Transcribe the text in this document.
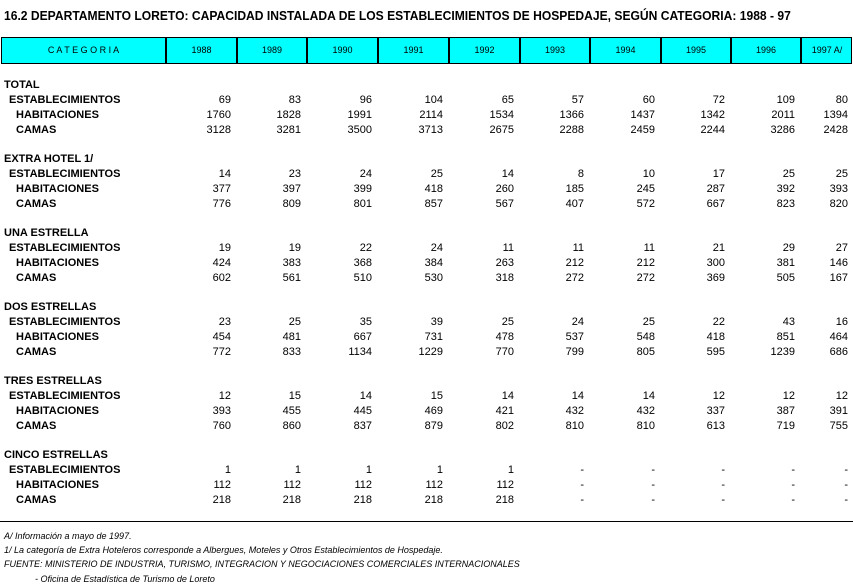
16.2 DEPARTAMENTO LORETO: CAPACIDAD INSTALADA DE LOS ESTABLECIMIENTOS DE HOSPEDAJE, SEGÚN CATEGORIA: 1988 - 97
C A T E G O R I A	1988	1989	1990	1991	1992	1993	1994	1995	1996	1997 A/
TOTAL
ESTABLECIMIENTOS	69	83	96	104	65	57	60	72	109	80
HABITACIONES	1760	1828	1991	2114	1534	1366	1437	1342	2011	1394
CAMAS	3128	3281	3500	3713	2675	2288	2459	2244	3286	2428
EXTRA HOTEL 1/
ESTABLECIMIENTOS	14	23	24	25	14	8	10	17	25	25
HABITACIONES	377	397	399	418	260	185	245	287	392	393
CAMAS	776	809	801	857	567	407	572	667	823	820
UNA ESTRELLA
ESTABLECIMIENTOS	19	19	22	24	11	11	11	21	29	27
HABITACIONES	424	383	368	384	263	212	212	300	381	146
CAMAS	602	561	510	530	318	272	272	369	505	167
DOS ESTRELLAS
ESTABLECIMIENTOS	23	25	35	39	25	24	25	22	43	16
HABITACIONES	454	481	667	731	478	537	548	418	851	464
CAMAS	772	833	1134	1229	770	799	805	595	1239	686
TRES ESTRELLAS
ESTABLECIMIENTOS	12	15	14	15	14	14	14	12	12	12
HABITACIONES	393	455	445	469	421	432	432	337	387	391
CAMAS	760	860	837	879	802	810	810	613	719	755
CINCO ESTRELLAS
ESTABLECIMIENTOS	1	1	1	1	1	-	-	-	-	-
HABITACIONES	112	112	112	112	112	-	-	-	-	-
CAMAS	218	218	218	218	218	-	-	-	-	-
A/ Información a mayo de 1997.
1/ La categoría de Extra Hoteleros corresponde a Albergues, Moteles y Otros Establecimientos de Hospedaje.
FUENTE: MINISTERIO DE INDUSTRIA, TURISMO, INTEGRACION Y NEGOCIACIONES COMERCIALES INTERNACIONALES
- Oficina de Estadística de Turismo de Loreto
